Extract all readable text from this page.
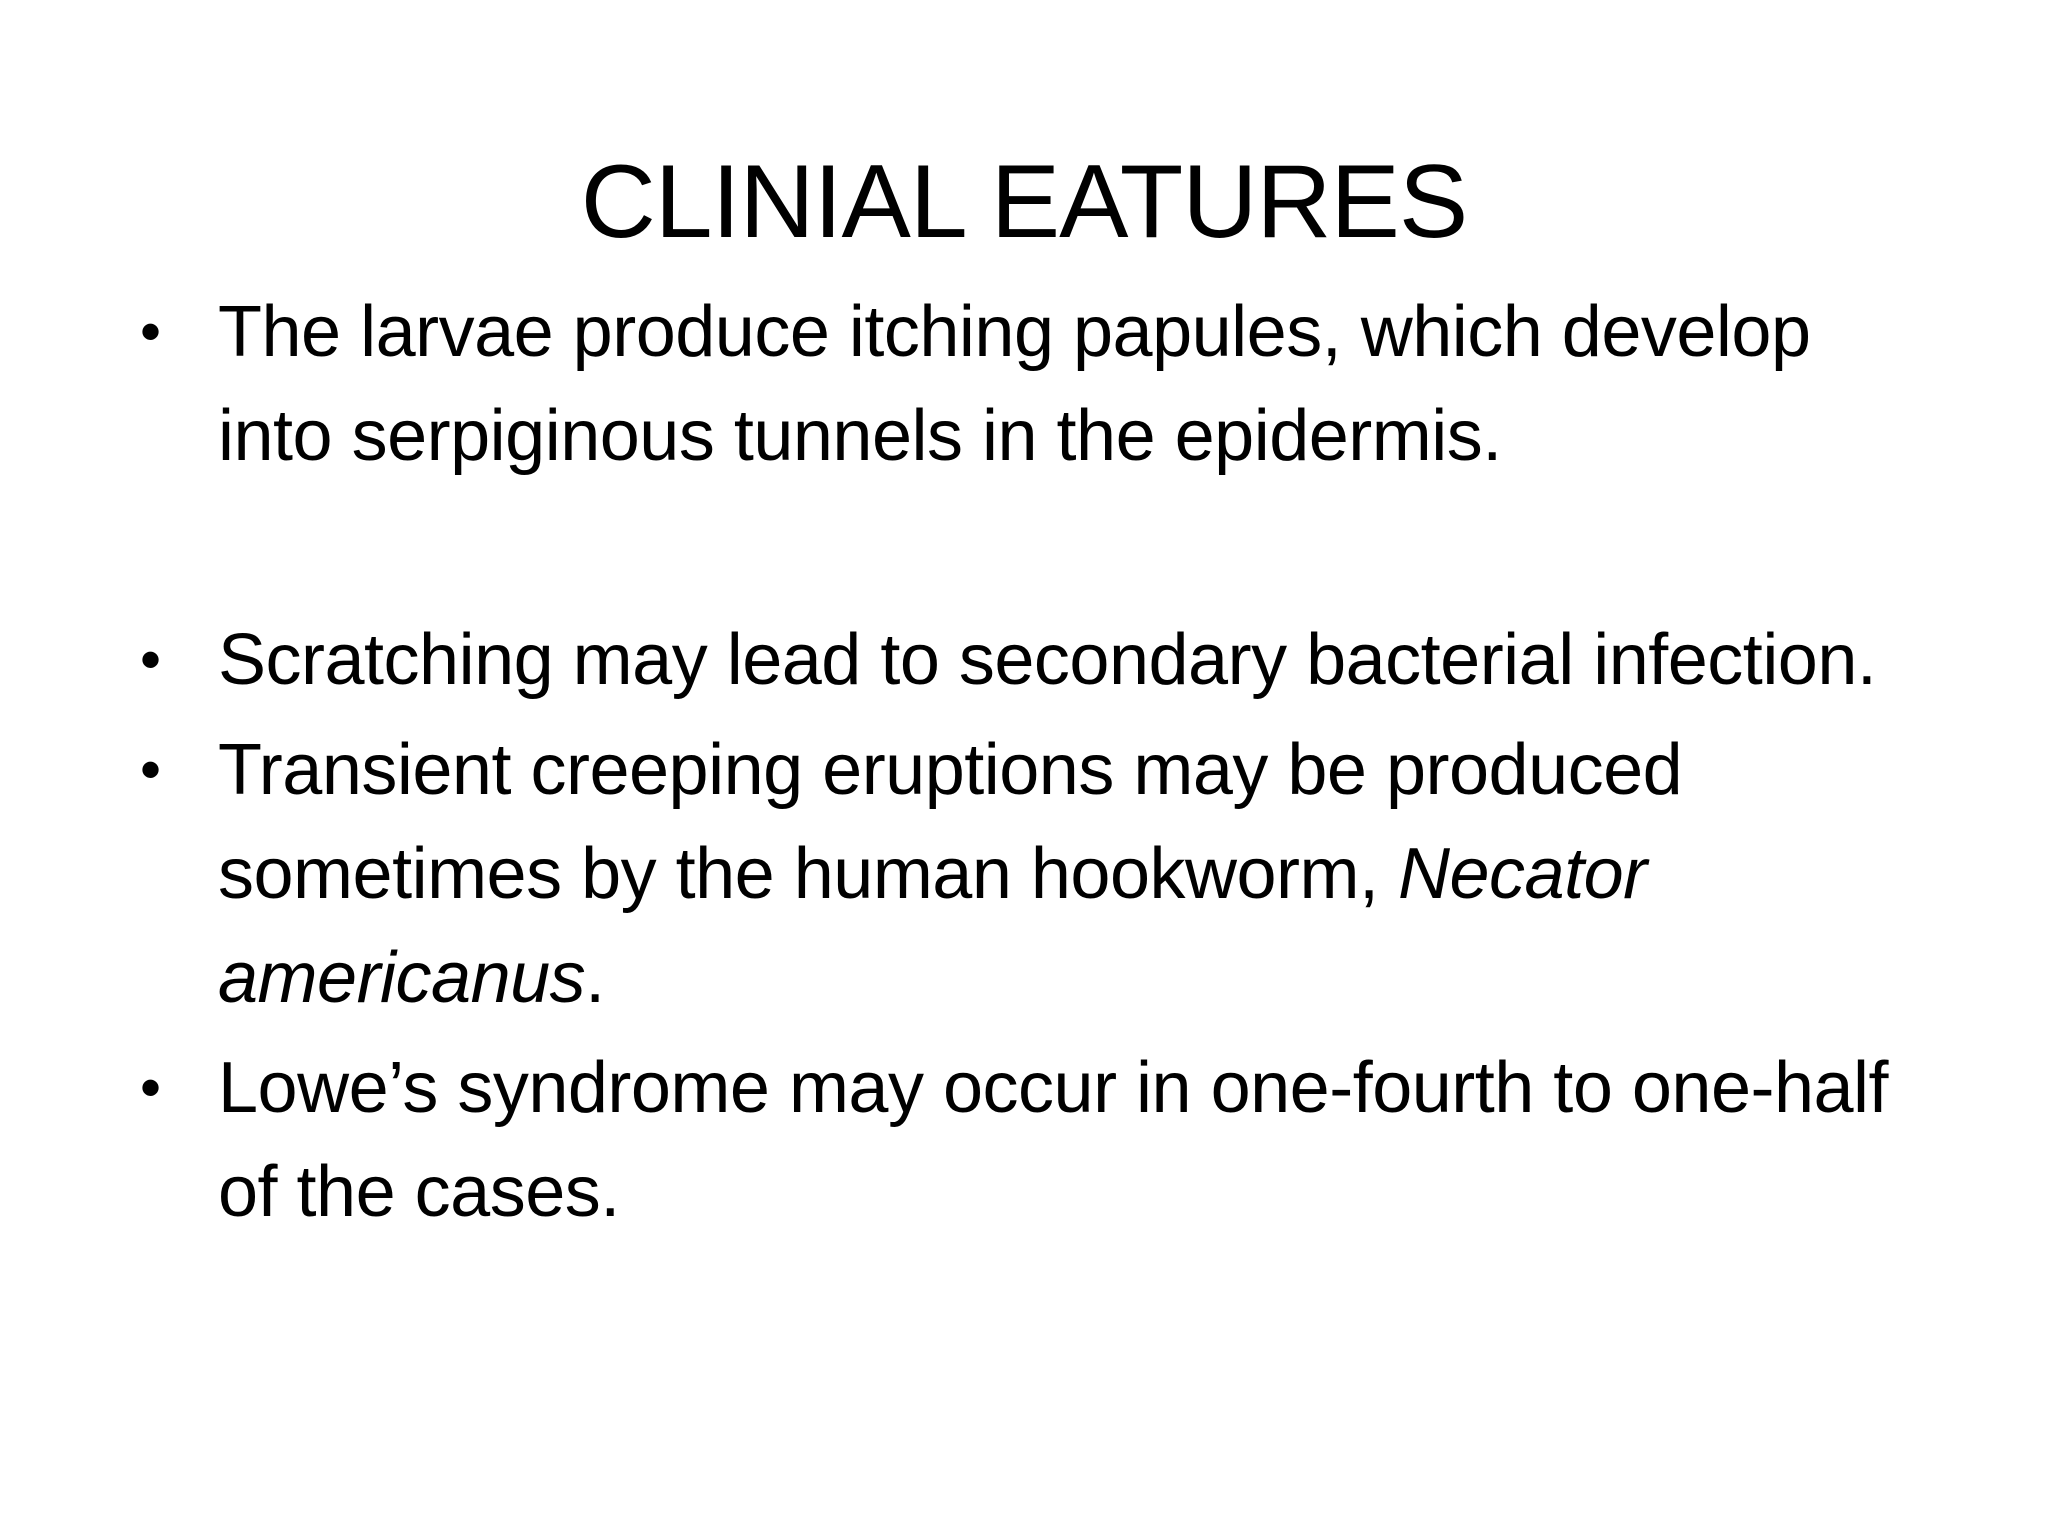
CLINIAL EATURES
• The larvae produce itching papules, which develop into serpiginous tunnels in the epidermis.
• Scratching may lead to secondary bacterial infection.
• Transient creeping eruptions may be produced sometimes by the human hookworm, Necator americanus.
• Lowe’s syndrome may occur in one-fourth to one-half of the cases.
